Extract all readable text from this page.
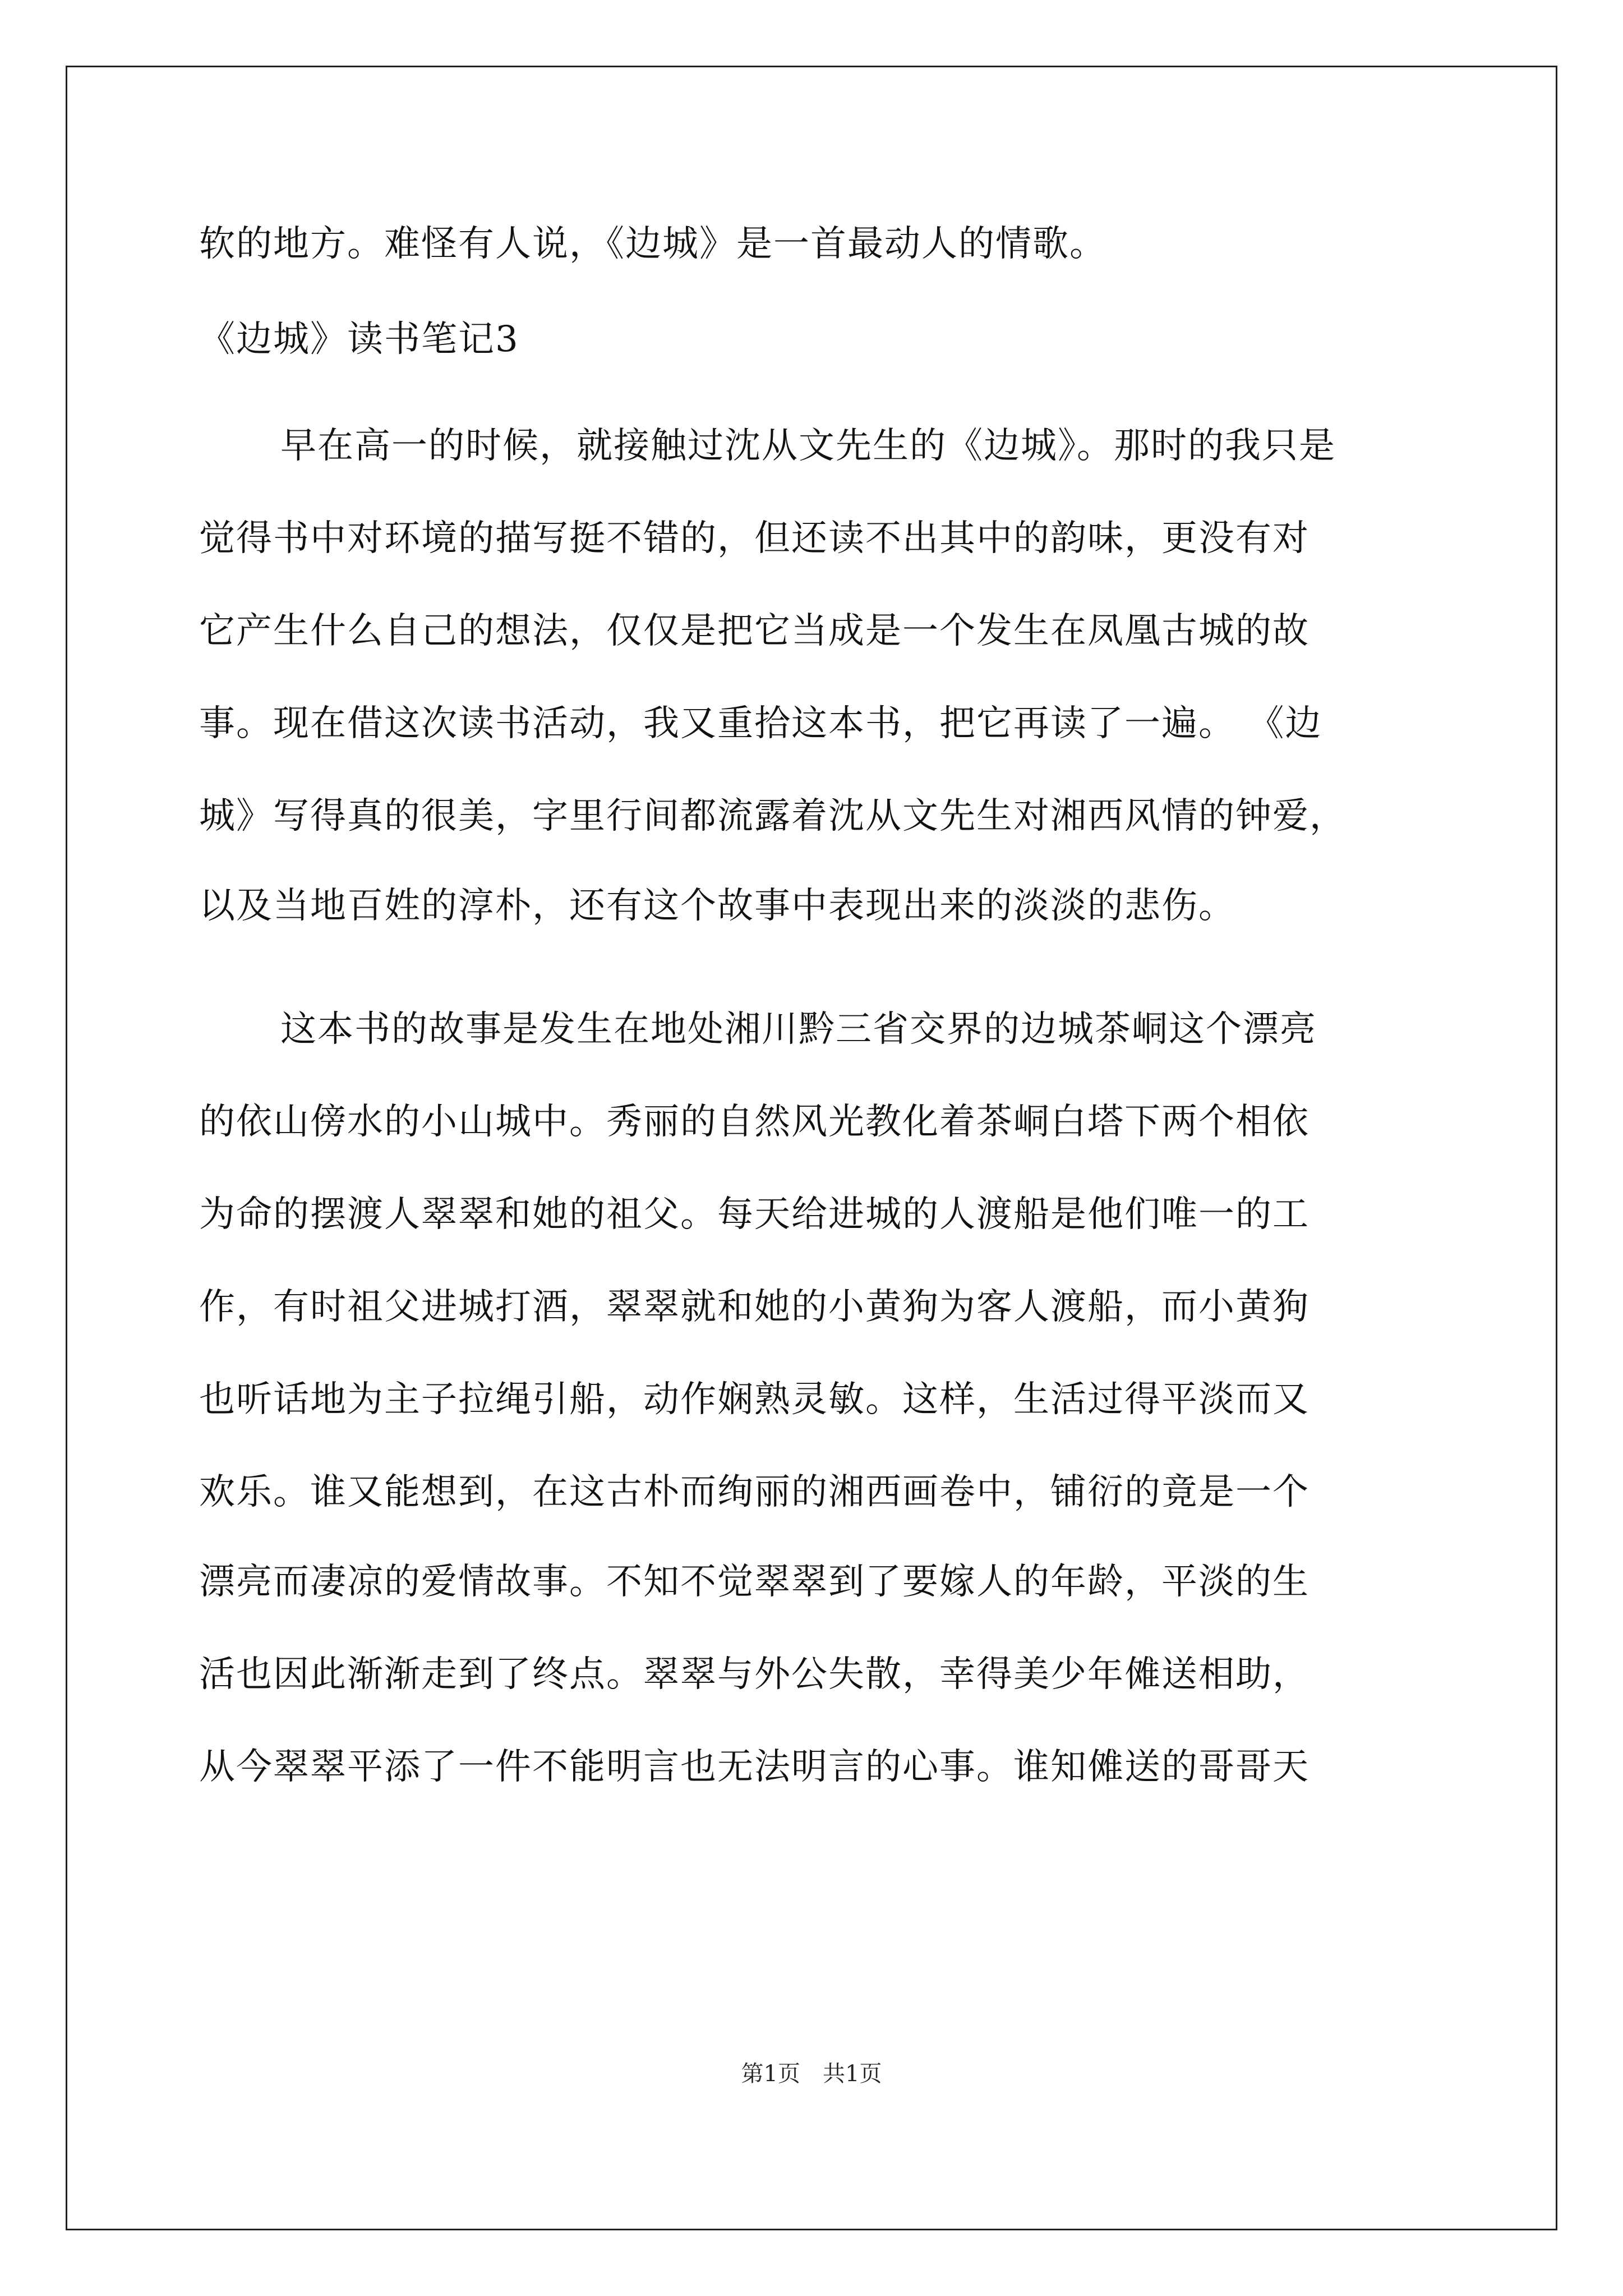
软的地方。难怪有人说，《边城》是一首最动人的情歌。
《边城》读书笔记3
早在高一的时候，就接触过沈从文先生的《边城》。那时的我只是
觉得书中对环境的描写挺不错的，但还读不出其中的韵味，更没有对
它产生什么自己的想法，仅仅是把它当成是一个发生在凤凰古城的故
事。现在借这次读书活动，我又重拾这本书，把它再读了一遍。 《边
城》写得真的很美，字里行间都流露着沈从文先生对湘西风情的钟爱，
以及当地百姓的淳朴，还有这个故事中表现出来的淡淡的悲伤。
这本书的故事是发生在地处湘川黔三省交界的边城茶峒这个漂亮
的依山傍水的小山城中。秀丽的自然风光教化着茶峒白塔下两个相依
为命的摆渡人翠翠和她的祖父。每天给进城的人渡船是他们唯一的工
作，有时祖父进城打酒，翠翠就和她的小黄狗为客人渡船，而小黄狗
也听话地为主子拉绳引船，动作娴熟灵敏。这样，生活过得平淡而又
欢乐。谁又能想到，在这古朴而绚丽的湘西画卷中，铺衍的竟是一个
漂亮而凄凉的爱情故事。不知不觉翠翠到了要嫁人的年龄，平淡的生
活也因此渐渐走到了终点。翠翠与外公失散，幸得美少年傩送相助，
从今翠翠平添了一件不能明言也无法明言的心事。谁知傩送的哥哥天
第1页　共1页
